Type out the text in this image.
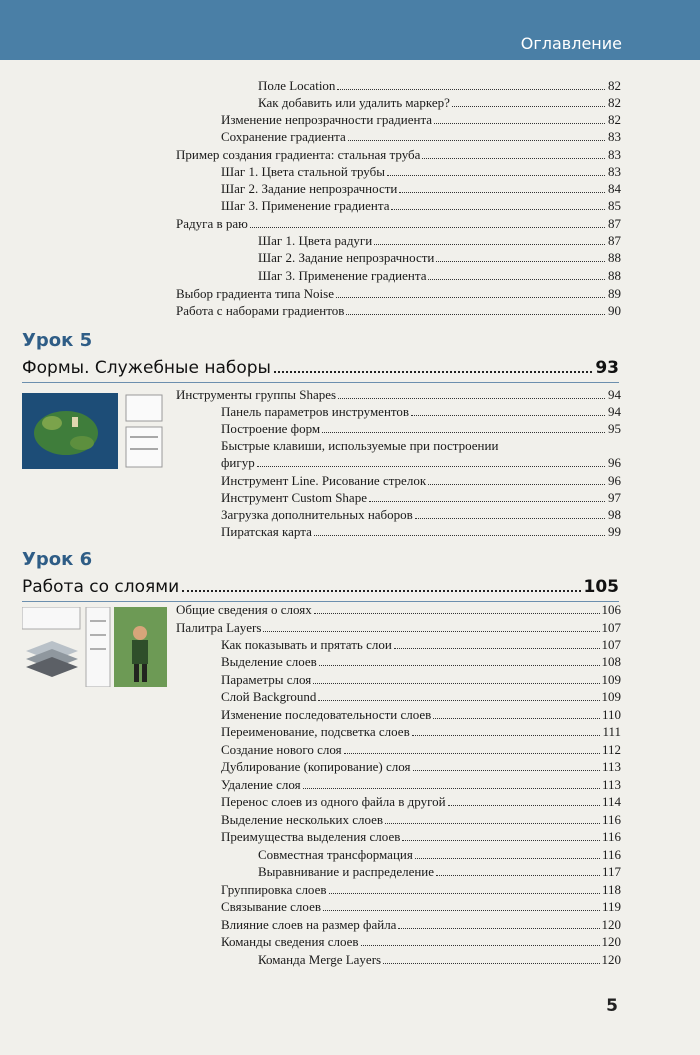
Оглавление
Поле Location	82
Как добавить или удалить маркер?	82
Изменение непрозрачности градиента	82
Сохранение градиента	83
Пример создания градиента: стальная труба	83
Шаг 1. Цвета стальной трубы	83
Шаг 2. Задание непрозрачности	84
Шаг 3. Применение градиента	85
Радуга в раю	87
Шаг 1. Цвета радуги	87
Шаг 2. Задание непрозрачности	88
Шаг 3. Применение градиента	88
Выбор градиента типа Noise	89
Работа с наборами градиентов	90
Урок 5
Формы. Служебные наборы	93
Инструменты группы Shapes	94
Панель параметров инструментов	94
Построение форм	95
Быстрые клавиши, используемые при построении
фигур	96
Инструмент Line. Рисование стрелок	96
Инструмент Custom Shape	97
Загрузка дополнительных наборов	98
Пиратская карта	99
Урок 6
Работа со слоями	105
Общие сведения о слоях	106
Палитра Layers	107
Как показывать и прятать слои	107
Выделение слоев	108
Параметры слоя	109
Слой Background	109
Изменение последовательности слоев	110
Переименование, подсветка слоев	111
Создание нового слоя	112
Дублирование (копирование) слоя	113
Удаление слоя	113
Перенос слоев из одного файла в другой	114
Выделение нескольких слоев	116
Преимущества выделения слоев	116
Совместная трансформация	116
Выравнивание и распределение	117
Группировка слоев	118
Связывание слоев	119
Влияние слоев на размер файла	120
Команды сведения слоев	120
Команда Merge Layers	120
5
